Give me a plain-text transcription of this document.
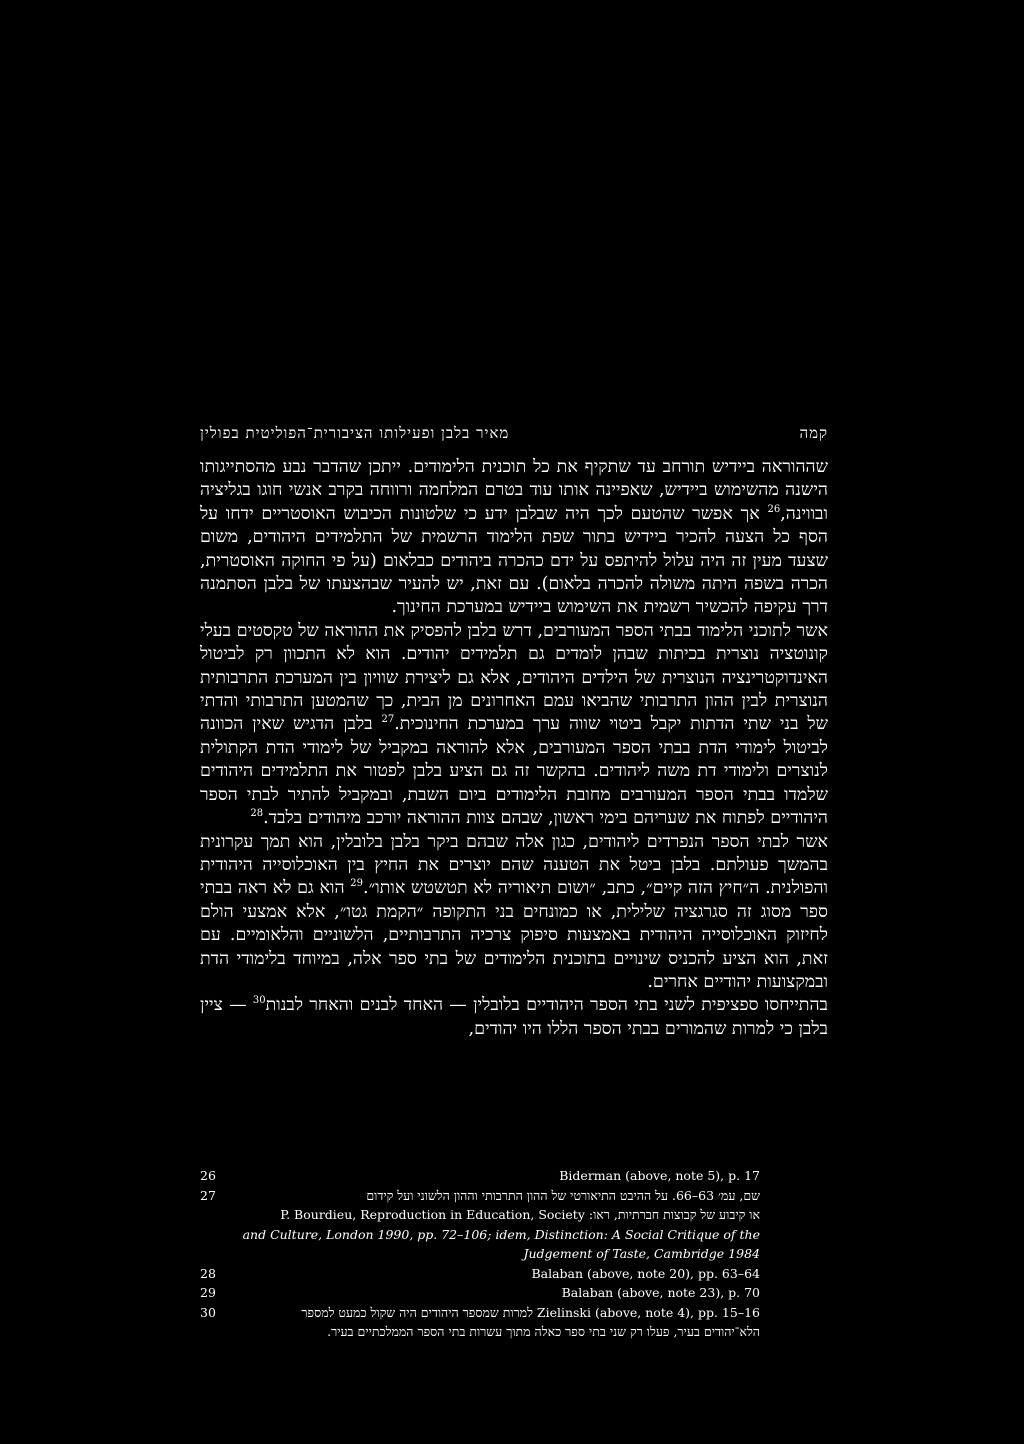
קמה
מאיר בלבן ופעילותו הציבורית־הפוליטית בפולין

שההוראה ביידיש תורחב עד שתקיף את כל תוכנית הלימודים. ייתכן שהדבר נבע מהסתייגותו הישנה מהשימוש ביידיש, שאפיינה אותו עוד בטרם המלחמה ורווחה בקרב אנשי חוגו בגליציה ובווינה,$^{26}$ אך אפשר שהטעם לכך היה שבלבן ידע כי שלטונות הכיבוש האוסטריים ידחו על הסף כל הצעה להכיר ביידיש בתור שפת הלימוד הרשמית של התלמידים היהודים, משום שצעד מעין זה היה עלול להיתפס על ידם כהכרה ביהודים כבלאום (על פי החוקה האוסטרית, הכרה בשפה היתה משולה להכרה בלאום). עם זאת, יש להעיר שבהצעתו של בלבן הסתמנה דרך עקיפה להכשיר רשמית את השימוש ביידיש במערכת החינוך.

אשר לתוכני הלימוד בבתי הספר המעורבים, דרש בלבן להפסיק את ההוראה של טקסטים בעלי קונוטציה נוצרית בכיתות שבהן לומדים גם תלמידים יהודים. הוא לא התכוון רק לביטול האינדוקטרינציה הנוצרית של הילדים היהודים, אלא גם ליצירת שוויון בין המערכת התרבותית הנוצרית לבין ההון התרבותי שהביאו עמם האחרונים מן הבית, כך שהמטען התרבותי והדתי של בני שתי הדתות יקבל ביטוי שווה ערך במערכת החינוכית.$^{27}$ בלבן הדגיש שאין הכוונה לביטול לימודי הדת בבתי הספר המעורבים, אלא להוראה במקביל של לימודי הדת הקתולית לנוצרים ולימודי דת משה ליהודים. בהקשר זה גם הציע בלבן לפטור את התלמידים היהודים שלמדו בבתי הספר המעורבים מחובת הלימודים ביום השבת, ובמקביל להתיר לבתי הספר היהודיים לפתוח את שעריהם בימי ראשון, שבהם צוות ההוראה יורכב מיהודים בלבד.$^{28}$

אשר לבתי הספר הנפרדים ליהודים, כגון אלה שבהם ביקר בלבן בלובלין, הוא תמך עקרונית בהמשך פעולתם. בלבן ביטל את הטענה שהם יוצרים את החיץ בין האוכלוסייה היהודית והפולנית. ה״חיץ הזה קיים״, כתב, ״ושום תיאוריה לא תטשטש אותו״.$^{29}$ הוא גם לא ראה בבתי ספר מסוג זה סגרגציה שלילית, או כמונחים בני התקופה ״הקמת גטו״, אלא אמצעי הולם לחיזוק האוכלוסייה היהודית באמצעות סיפוק צרכיה התרבותיים, הלשוניים והלאומיים. עם זאת, הוא הציע להכניס שינויים בתוכנית הלימודים של בתי ספר אלה, במיוחד בלימודי הדת ובמקצועות יהודיים אחרים.

בהתייחסו ספציפית לשני בתי הספר היהודיים בלובלין — האחד לבנים והאחר לבנות$^{30}$ — ציין בלבן כי למרות שהמורים בבתי הספר הללו היו יהודים,

26	Biderman (above, note 5), p. 17
27	שם, עמ׳ 63–66. על ההיבט התיאורטי של ההון התרבותי וההון הלשוני ועל קידום
או קיבוע של קבוצות חברתיות, ראו: P. Bourdieu, Reproduction in Education, Society
and Culture, London 1990, pp. 72–106; idem, Distinction: A Social Critique of the
Judgement of Taste, Cambridge 1984
28	Balaban (above, note 20), pp. 63–64
29	Balaban (above, note 23), p. 70
30	Zielinski (above, note 4), pp. 15–16 למרות שמספר היהודים היה שקול כמעט למספר
הלא־יהודים בעיר, פעלו רק שני בתי ספר כאלה מתוך עשרות בתי הספר הממלכתיים בעיר.
